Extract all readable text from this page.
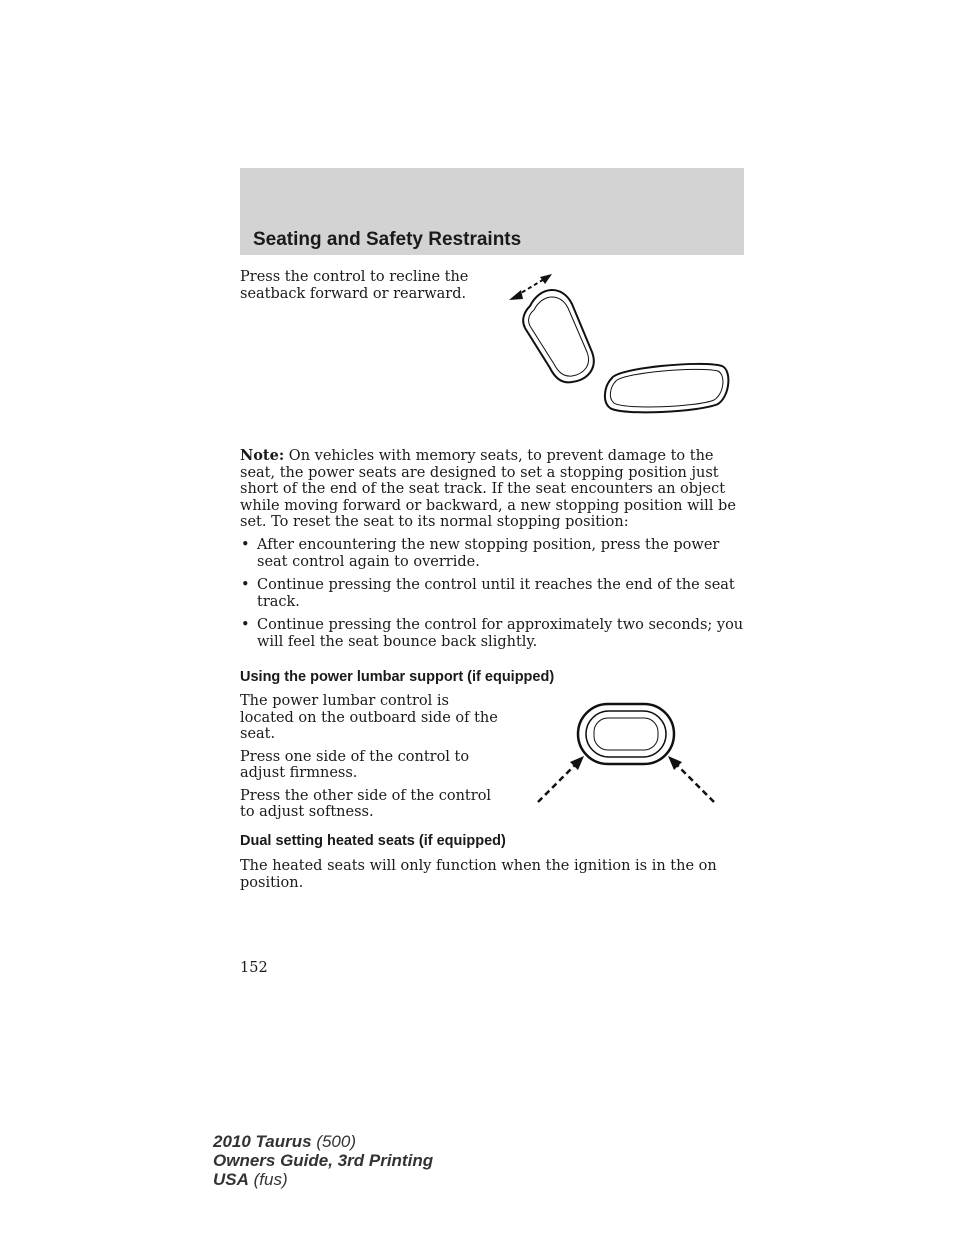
Seating and Safety Restraints

Press the control to recline the seatback forward or rearward.

Note: On vehicles with memory seats, to prevent damage to the seat, the power seats are designed to set a stopping position just short of the end of the seat track. If the seat encounters an object while moving forward or backward, a new stopping position will be set. To reset the seat to its normal stopping position:

• After encountering the new stopping position, press the power seat control again to override.
• Continue pressing the control until it reaches the end of the seat track.
• Continue pressing the control for approximately two seconds; you will feel the seat bounce back slightly.
Using the power lumbar support (if equipped)

The power lumbar control is located on the outboard side of the seat.

Press one side of the control to adjust firmness.

Press the other side of the control to adjust softness.

Dual setting heated seats (if equipped)

The heated seats will only function when the ignition is in the on position.

152
2010 Taurus (500)
Owners Guide, 3rd Printing
USA (fus)
